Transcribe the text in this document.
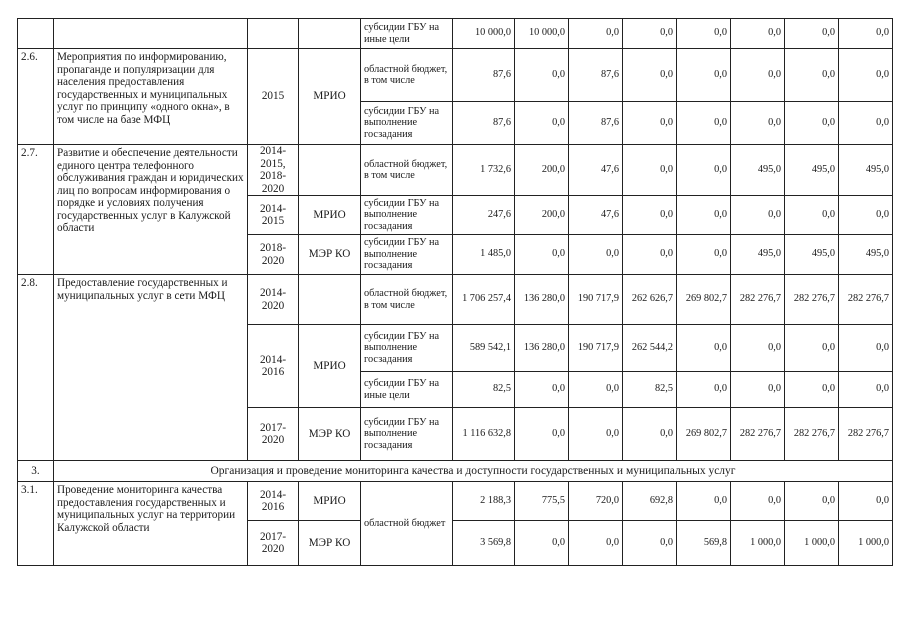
				субсидии ГБУ на иные цели	10 000,0	10 000,0	0,0	0,0	0,0	0,0	0,0	0,0
2.6.	Мероприятия по информированию, пропаганде и популяризации для населения предоставления государственных и муниципальных услуг по принципу «одного окна», в том числе на базе МФЦ	2015	МРИО	областной бюджет, в том числе	87,6	0,0	87,6	0,0	0,0	0,0	0,0	0,0
				субсидии ГБУ на выполнение госзадания	87,6	0,0	87,6	0,0	0,0	0,0	0,0	0,0
2.7.	Развитие и обеспечение деятельности единого центра телефонного обслуживания граждан и юридических лиц по вопросам информирования о порядке и условиях получения государственных услуг в Калужской области	2014-2015, 2018-2020		областной бюджет, в том числе	1 732,6	200,0	47,6	0,0	0,0	495,0	495,0	495,0
		2014-2015	МРИО	субсидии ГБУ на выполнение госзадания	247,6	200,0	47,6	0,0	0,0	0,0	0,0	0,0
		2018-2020	МЭР КО	субсидии ГБУ на выполнение госзадания	1 485,0	0,0	0,0	0,0	0,0	495,0	495,0	495,0
2.8.	Предоставление государственных и муниципальных услуг в сети МФЦ	2014-2020		областной бюджет, в том числе	1 706 257,4	136 280,0	190 717,9	262 626,7	269 802,7	282 276,7	282 276,7	282 276,7
		2014-2016	МРИО	субсидии ГБУ на выполнение госзадания	589 542,1	136 280,0	190 717,9	262 544,2	0,0	0,0	0,0	0,0
				субсидии ГБУ на иные цели	82,5	0,0	0,0	82,5	0,0	0,0	0,0	0,0
		2017-2020	МЭР КО	субсидии ГБУ на выполнение госзадания	1 116 632,8	0,0	0,0	0,0	269 802,7	282 276,7	282 276,7	282 276,7
3.	Организация и проведение мониторинга качества и доступности государственных и муниципальных услуг											
3.1.	Проведение мониторинга качества предоставления государственных и муниципальных услуг на территории Калужской области	2014-2016	МРИО	областной бюджет	2 188,3	775,5	720,0	692,8	0,0	0,0	0,0	0,0
		2017-2020	МЭР КО		3 569,8	0,0	0,0	0,0	569,8	1 000,0	1 000,0	1 000,0
